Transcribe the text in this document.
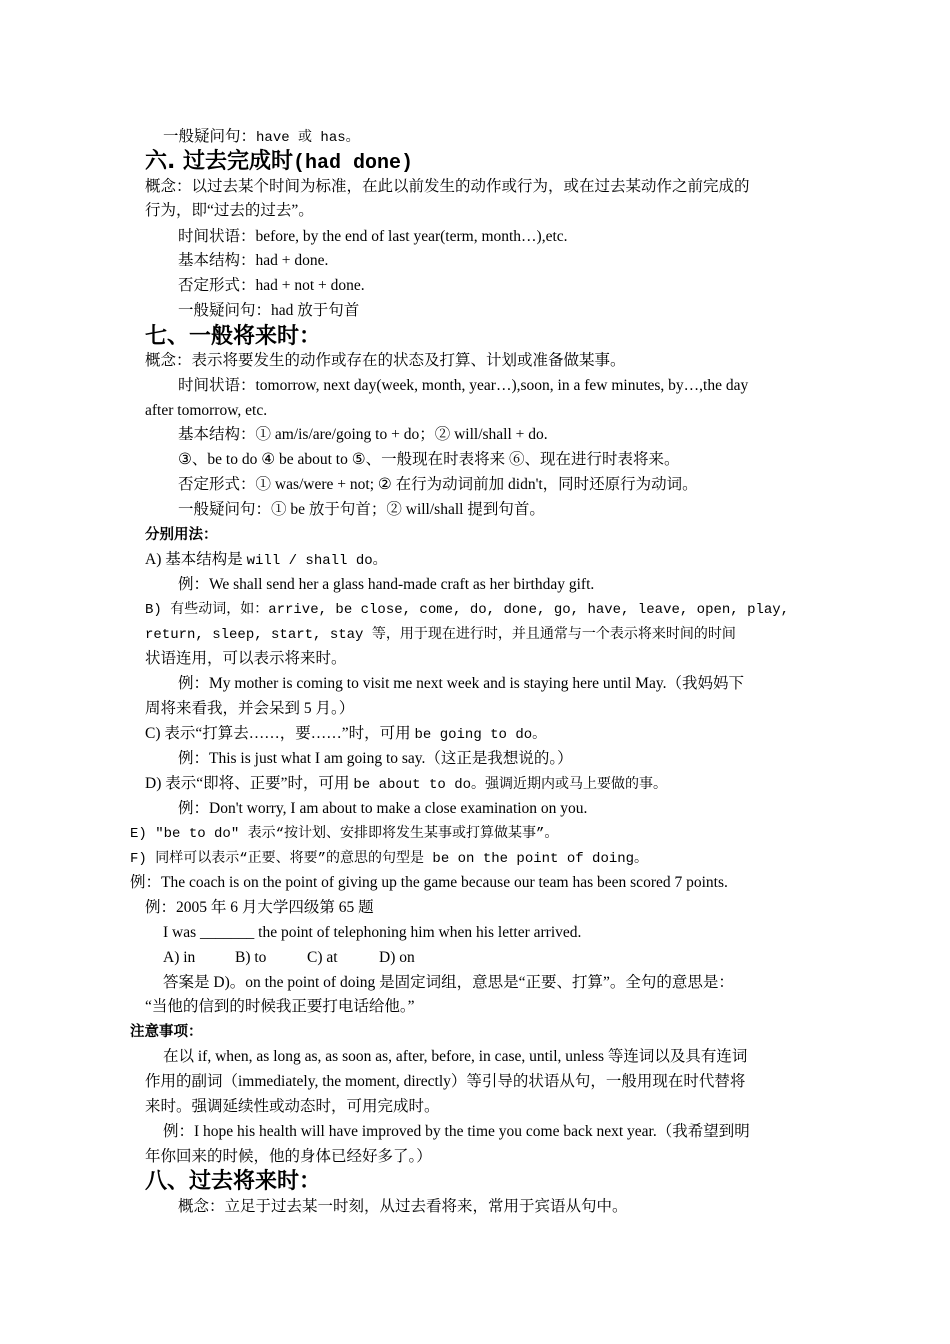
一般疑问句：have 或 has。
六. 过去完成时(had done)
概念：以过去某个时间为标准，在此以前发生的动作或行为，或在过去某动作之前完成的
行为，即“过去的过去”。
时间状语：before, by the end of last year(term, month…),etc.
基本结构：had + done.
否定形式：had + not + done.
一般疑问句：had 放于句首
七、一般将来时：
概念：表示将要发生的动作或存在的状态及打算、计划或准备做某事。
时间状语：tomorrow, next day(week, month, year…),soon, in a few minutes, by…,the day
after tomorrow, etc.
基本结构：① am/is/are/going to + do；② will/shall + do.
③、be to do ④ be about to ⑤、一般现在时表将来 ⑥、现在进行时表将来。
否定形式：① was/were + not; ② 在行为动词前加 didn't，同时还原行为动词。
一般疑问句：① be 放于句首；② will/shall 提到句首。
分别用法：
A) 基本结构是 will / shall do。
例：We shall send her a glass hand-made craft as her birthday gift.
B) 有些动词，如：arrive, be close, come, do, done, go, have, leave, open, play,
return, sleep, start, stay 等，用于现在进行时，并且通常与一个表示将来时间的时间
状语连用，可以表示将来时。
例：My mother is coming to visit me next week and is staying here until May.（我妈妈下
周将来看我，并会呆到 5 月。）
C) 表示“打算去……，要……”时，可用 be going to do。
例：This is just what I am going to say.（这正是我想说的。）
D) 表示“即将、正要”时，可用 be about to do。强调近期内或马上要做的事。
例：Don't worry, I am about to make a close examination on you.
E) "be to do" 表示“按计划、安排即将发生某事或打算做某事”。
F) 同样可以表示“正要、将要”的意思的句型是 be on the point of doing。
例：The coach is on the point of giving up the game because our team has been scored 7 points.
例：2005 年 6 月大学四级第 65 题
I was _______ the point of telephoning him when his letter arrived.
A) in	B) to	C) at	D) on
答案是 D)。on the point of doing 是固定词组，意思是“正要、打算”。全句的意思是：
“当他的信到的时候我正要打电话给他。”
注意事项：
在以 if, when, as long as, as soon as, after, before, in case, until, unless 等连词以及具有连词
作用的副词（immediately, the moment, directly）等引导的状语从句，一般用现在时代替将
来时。强调延续性或动态时，可用完成时。
例：I hope his health will have improved by the time you come back next year.（我希望到明
年你回来的时候，他的身体已经好多了。）
八、过去将来时：
概念：立足于过去某一时刻，从过去看将来，常用于宾语从句中。
